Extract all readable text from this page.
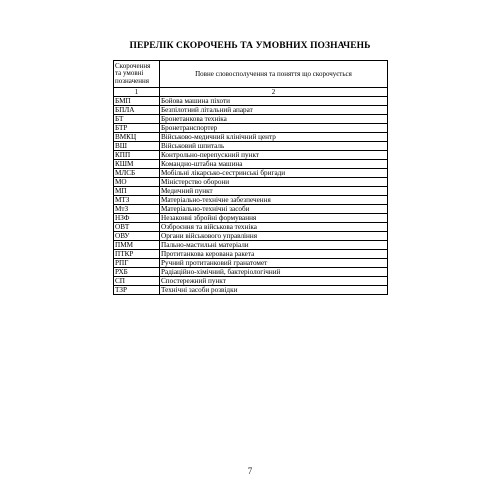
ПЕРЕЛІК СКОРОЧЕНЬ ТА УМОВНИХ ПОЗНАЧЕНЬ
Скорочення та умовні позначення	Повне словосполучення та поняття що скорочується
1	2
БМП	Бойова машина піхоти
БПЛА	Безпілотний літальний апарат
БТ	Бронетанкова техніка
БТР	Бронетранспортер
ВМКЦ	Військово-медичний клінічний центр
ВШ	Військовий шпиталь
КПП	Контрольно-перепускний пункт
КШМ	Командно-штабна машина
МЛСБ	Мобільні лікарсько-сестринські бригади
МО	Міністерство оборони
МП	Медичний пункт
МТЗ	Матеріально-технічне забезпечення
МтЗ	Матеріально-технічні засоби
НЗФ	Незаконні збройні формування
ОВТ	Озброєння та військова техніка
ОВУ	Органи військового управління
ПММ	Пально-мастильні матеріали
ПТКР	Протитанкова керована ракета
РПГ	Ручний протитанковий гранатомет
РХБ	Радіаційно-хімічний, бактеріологічний
СП	Спостережний пункт
ТЗР	Технічні засоби розвідки
7
